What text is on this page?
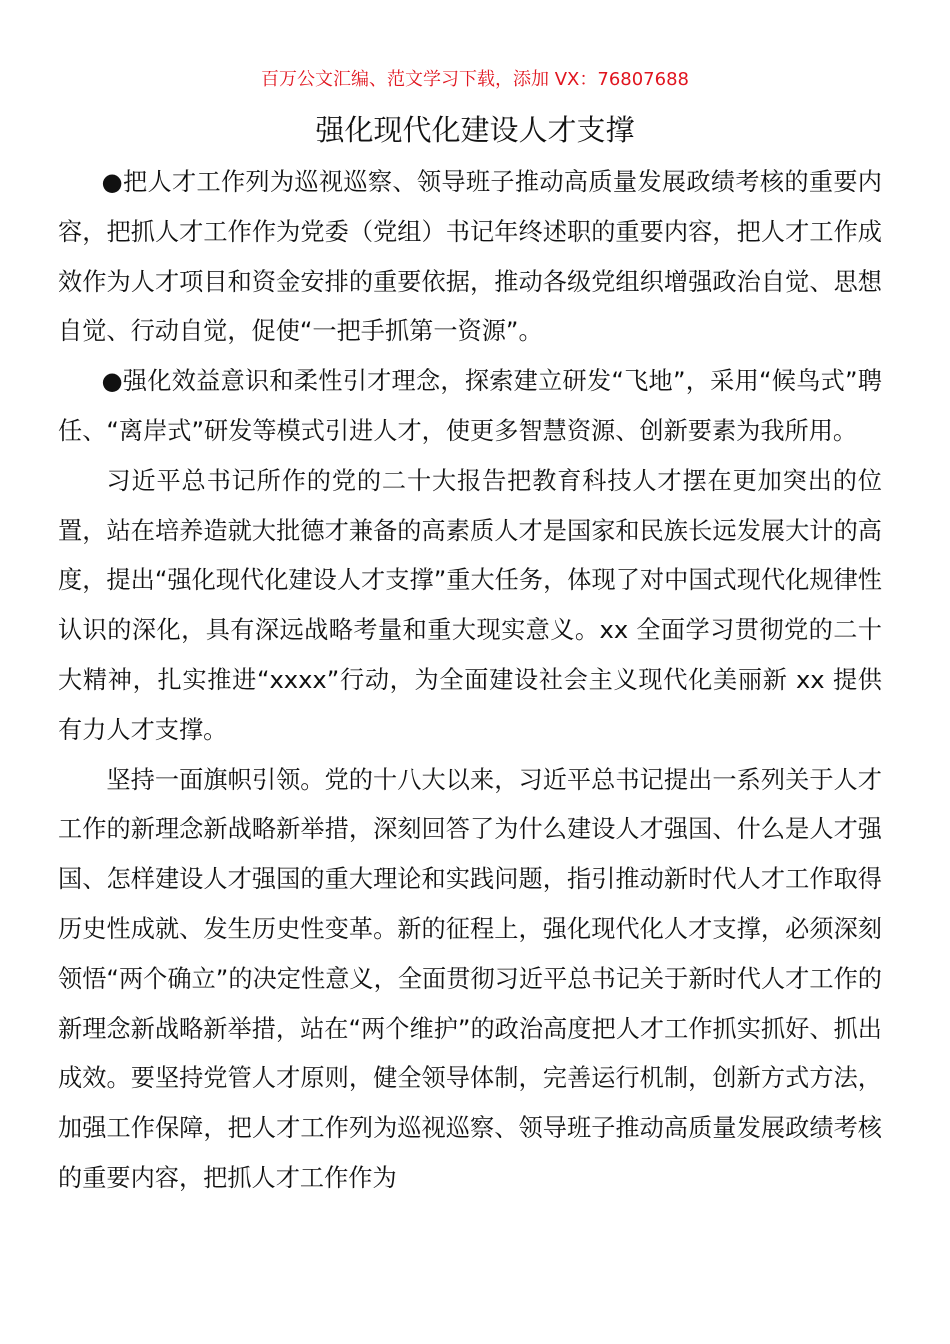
百万公文汇编、范文学习下载，添加 VX：76807688
强化现代化建设人才支撑

●把人才工作列为巡视巡察、领导班子推动高质量发展政绩考核的重要内容，把抓人才工作作为党委（党组）书记年终述职的重要内容，把人才工作成效作为人才项目和资金安排的重要依据，推动各级党组织增强政治自觉、思想自觉、行动自觉，促使“一把手抓第一资源”。

●强化效益意识和柔性引才理念，探索建立研发“飞地”，采用“候鸟式”聘任、“离岸式”研发等模式引进人才，使更多智慧资源、创新要素为我所用。

习近平总书记所作的党的二十大报告把教育科技人才摆在更加突出的位置，站在培养造就大批德才兼备的高素质人才是国家和民族长远发展大计的高度，提出“强化现代化建设人才支撑”重大任务，体现了对中国式现代化规律性认识的深化，具有深远战略考量和重大现实意义。xx 全面学习贯彻党的二十大精神，扎实推进“xxxx”行动，为全面建设社会主义现代化美丽新 xx 提供有力人才支撑。

坚持一面旗帜引领。党的十八大以来，习近平总书记提出一系列关于人才工作的新理念新战略新举措，深刻回答了为什么建设人才强国、什么是人才强国、怎样建设人才强国的重大理论和实践问题，指引推动新时代人才工作取得历史性成就、发生历史性变革。新的征程上，强化现代化人才支撑，必须深刻领悟“两个确立”的决定性意义，全面贯彻习近平总书记关于新时代人才工作的新理念新战略新举措，站在“两个维护”的政治高度把人才工作抓实抓好、抓出成效。要坚持党管人才原则，健全领导体制，完善运行机制，创新方式方法，加强工作保障，把人才工作列为巡视巡察、领导班子推动高质量发展政绩考核的重要内容，把抓人才工作作为
